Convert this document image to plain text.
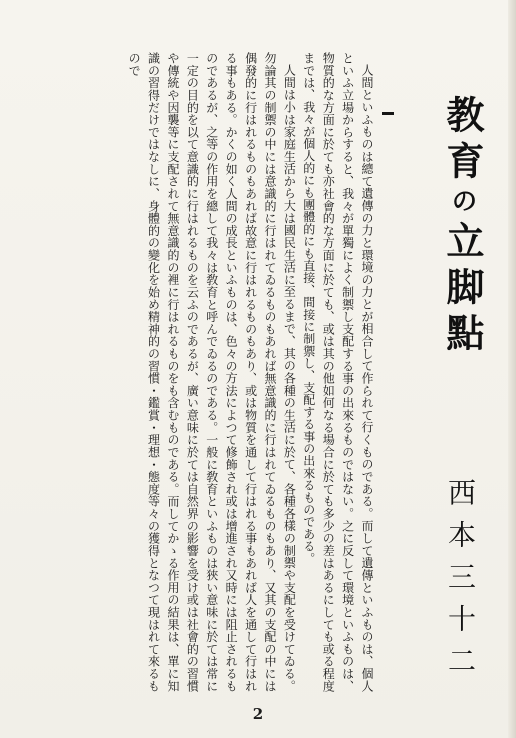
教育の立脚點
西本三十二

人間といふものは總て遺傳の力と環境の力とが相合して作られて行くものである。而して遺傳といふものは、個人といふ立場からすると、我々が單獨によく制禦し支配する事の出來るものではない。之に反して環境といふものは、物質的な方面に於ても亦社會的な方面に於ても、或は其の他如何なる場合に於ても多少の差はあるにしても或る程度までは、我々が個人的にも團體的にも直接、間接に制禦し、支配する事の出來るものである。

人間は小は家庭生活から大は國民生活に至るまで、其の各種の生活に於て、各種各樣の制禦や支配を受けてゐる。勿論其の制禦の中には意識的に行はれてゐるものもあれば無意識的に行はれてゐるものもあり、又其の支配の中には偶發的に行はれるものもあれば故意に行はれるものもあり、或は物質を通して行はれる事もあれば人を通して行はれる事もある。かくの如く人間の成長といふものは、色々の方法によつて修飾され或は增進され又時には阻止されるものであるが、之等の作用を總して我々は敎育と呼んでゐるのである。一般に敎育といふものは狹い意味に於ては常に一定の目的を以て意識的に行はれるものを云ふのであるが、廣い意味に於ては自然界の影響を受け或は社會的の習慣や傳統や因襲等に支配されて無意識的の裡に行はれるものをも含むものである。而してかゝる作用の結果は、單に知識の習得だけではなしに、身體的の變化を始め精神的の習慣・鑑賞・理想・態度等々の獲得となつて現はれて來るもので

2
